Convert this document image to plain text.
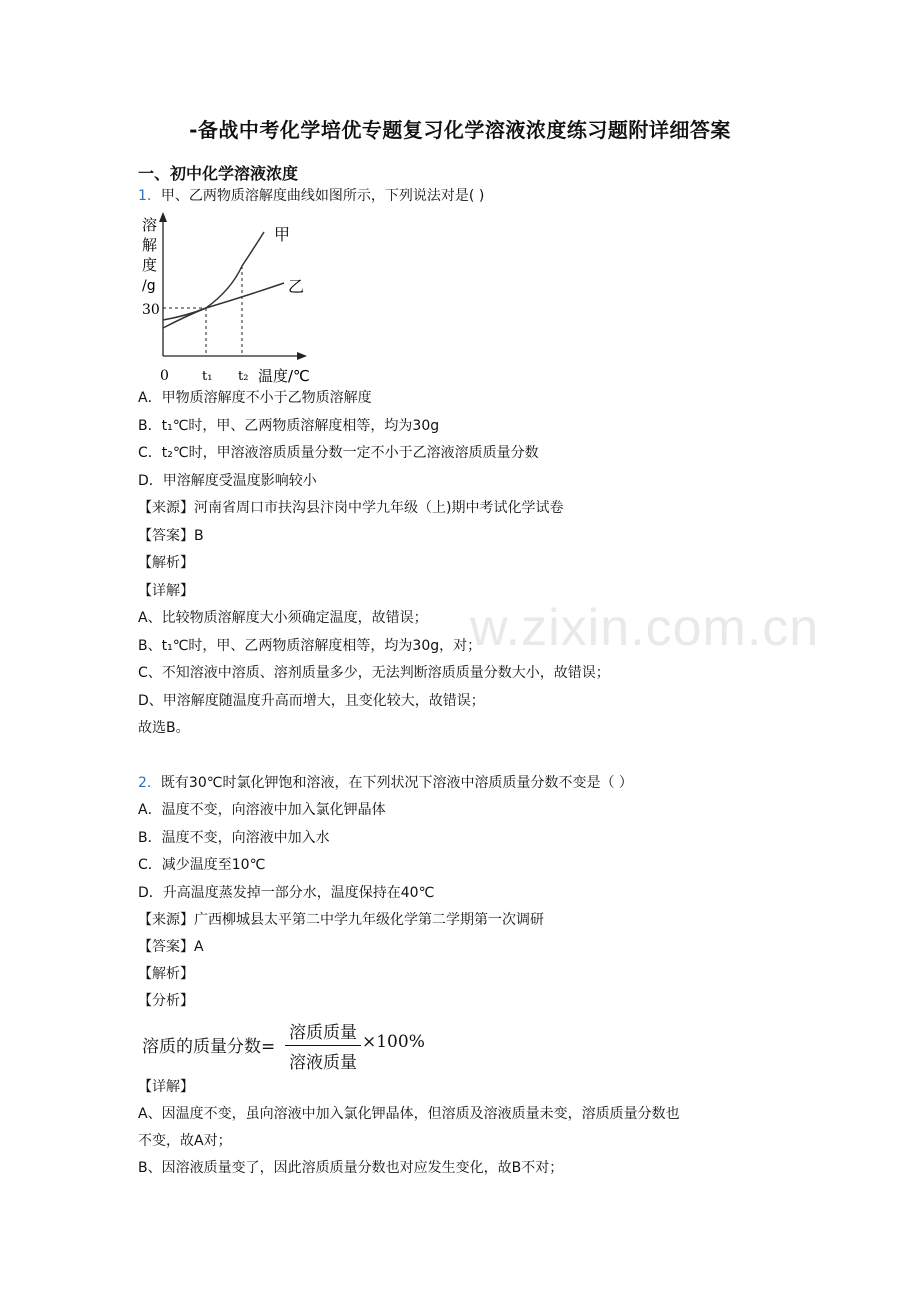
-备战中考化学培优专题复习化学溶液浓度练习题附详细答案
一、初中化学溶液浓度
1．甲、乙两物质溶解度曲线如图所示，下列说法对是( )
溶
解
度
/g
甲
乙
30
0	t₁ t₂ 温度/℃
A．甲物质溶解度不小于乙物质溶解度
B．t₁℃时，甲、乙两物质溶解度相等，均为30g
C．t₂℃时，甲溶液溶质质量分数一定不小于乙溶液溶质质量分数
D．甲溶解度受温度影响较小
【来源】河南省周口市扶沟县汴岗中学九年级（上)期中考试化学试卷
【答案】B
【解析】
【详解】
A、比较物质溶解度大小须确定温度，故错误；
B、t₁℃时，甲、乙两物质溶解度相等，均为30g，对；
C、不知溶液中溶质、溶剂质量多少，无法判断溶质质量分数大小，故错误；
D、甲溶解度随温度升高而增大，且变化较大，故错误；
故选B。
w.zixin.com.cn
2．既有30℃时氯化钾饱和溶液，在下列状况下溶液中溶质质量分数不变是（ ）
A．温度不变，向溶液中加入氯化钾晶体
B．温度不变，向溶液中加入水
C．减少温度至10℃
D．升高温度蒸发掉一部分水，温度保持在40℃
【来源】广西柳城县太平第二中学九年级化学第二学期第一次调研
【答案】A
【解析】
【分析】
溶质的质量分数=
溶质质量
溶液质量
×100%
【详解】
A、因温度不变，虽向溶液中加入氯化钾晶体，但溶质及溶液质量未变，溶质质量分数也
不变，故A对；
B、因溶液质量变了，因此溶质质量分数也对应发生变化，故B不对；
